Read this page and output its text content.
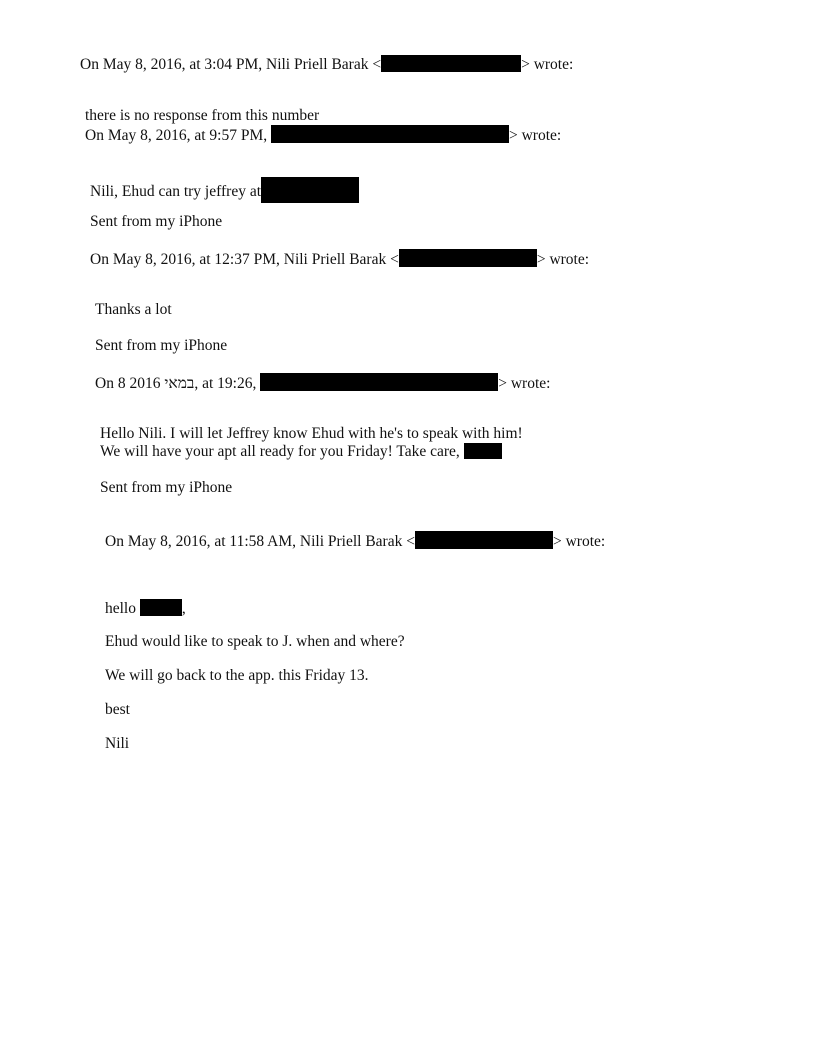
On May 8, 2016, at 3:04 PM, Nili Priell Barak <	> wrote:
there is no response from this number
On May 8, 2016, at 9:57 PM,	> wrote:
Nili, Ehud can try jeffrey at
Sent from my iPhone
On May 8, 2016, at 12:37 PM, Nili Priell Barak <	> wrote:
Thanks a lot
Sent from my iPhone
On 8 במאי 2016, at 19:26,	> wrote:
Hello Nili. I will let Jeffrey know Ehud with he's to speak with him!
We will have your apt all ready for you Friday! Take care,
Sent from my iPhone
On May 8, 2016, at 11:58 AM, Nili Priell Barak <	> wrote:
hello	,
Ehud would like to speak to J. when and where?
We will go back to the app. this Friday 13.
best
Nili
